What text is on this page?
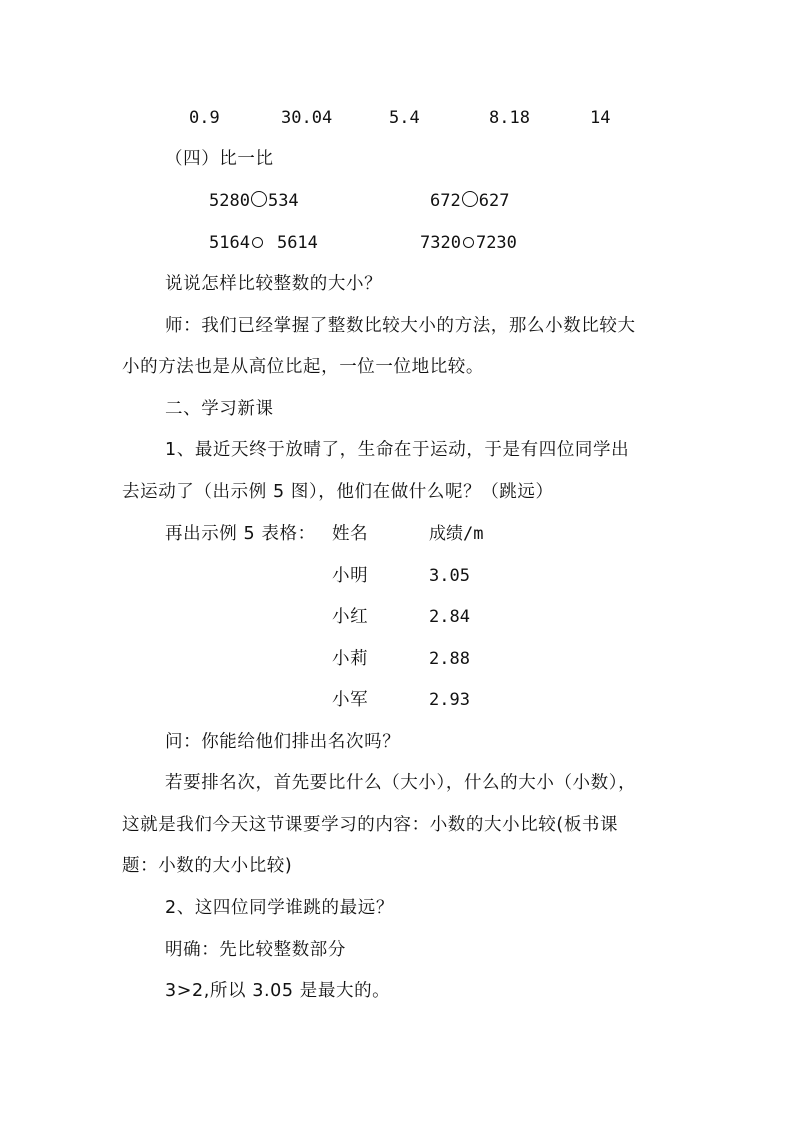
0.9	30.04	5.4	8.18	14
（四）比一比
5280 534	672 627
5164 5614	7320 7230
说说怎样比较整数的大小？
师：我们已经掌握了整数比较大小的方法，那么小数比较大
小的方法也是从高位比起，一位一位地比较。
二、学习新课
1、最近天终于放晴了，生命在于运动，于是有四位同学出
去运动了（出示例 5 图），他们在做什么呢？（跳远）
再出示例 5 表格： 姓名	成绩/m
小明	3.05
小红	2.84
小莉	2.88
小军	2.93
问：你能给他们排出名次吗？
若要排名次，首先要比什么（大小），什么的大小（小数），
这就是我们今天这节课要学习的内容：小数的大小比较(板书课
题：小数的大小比较)
2、这四位同学谁跳的最远？
明确：先比较整数部分
3>2,所以 3.05 是最大的。
